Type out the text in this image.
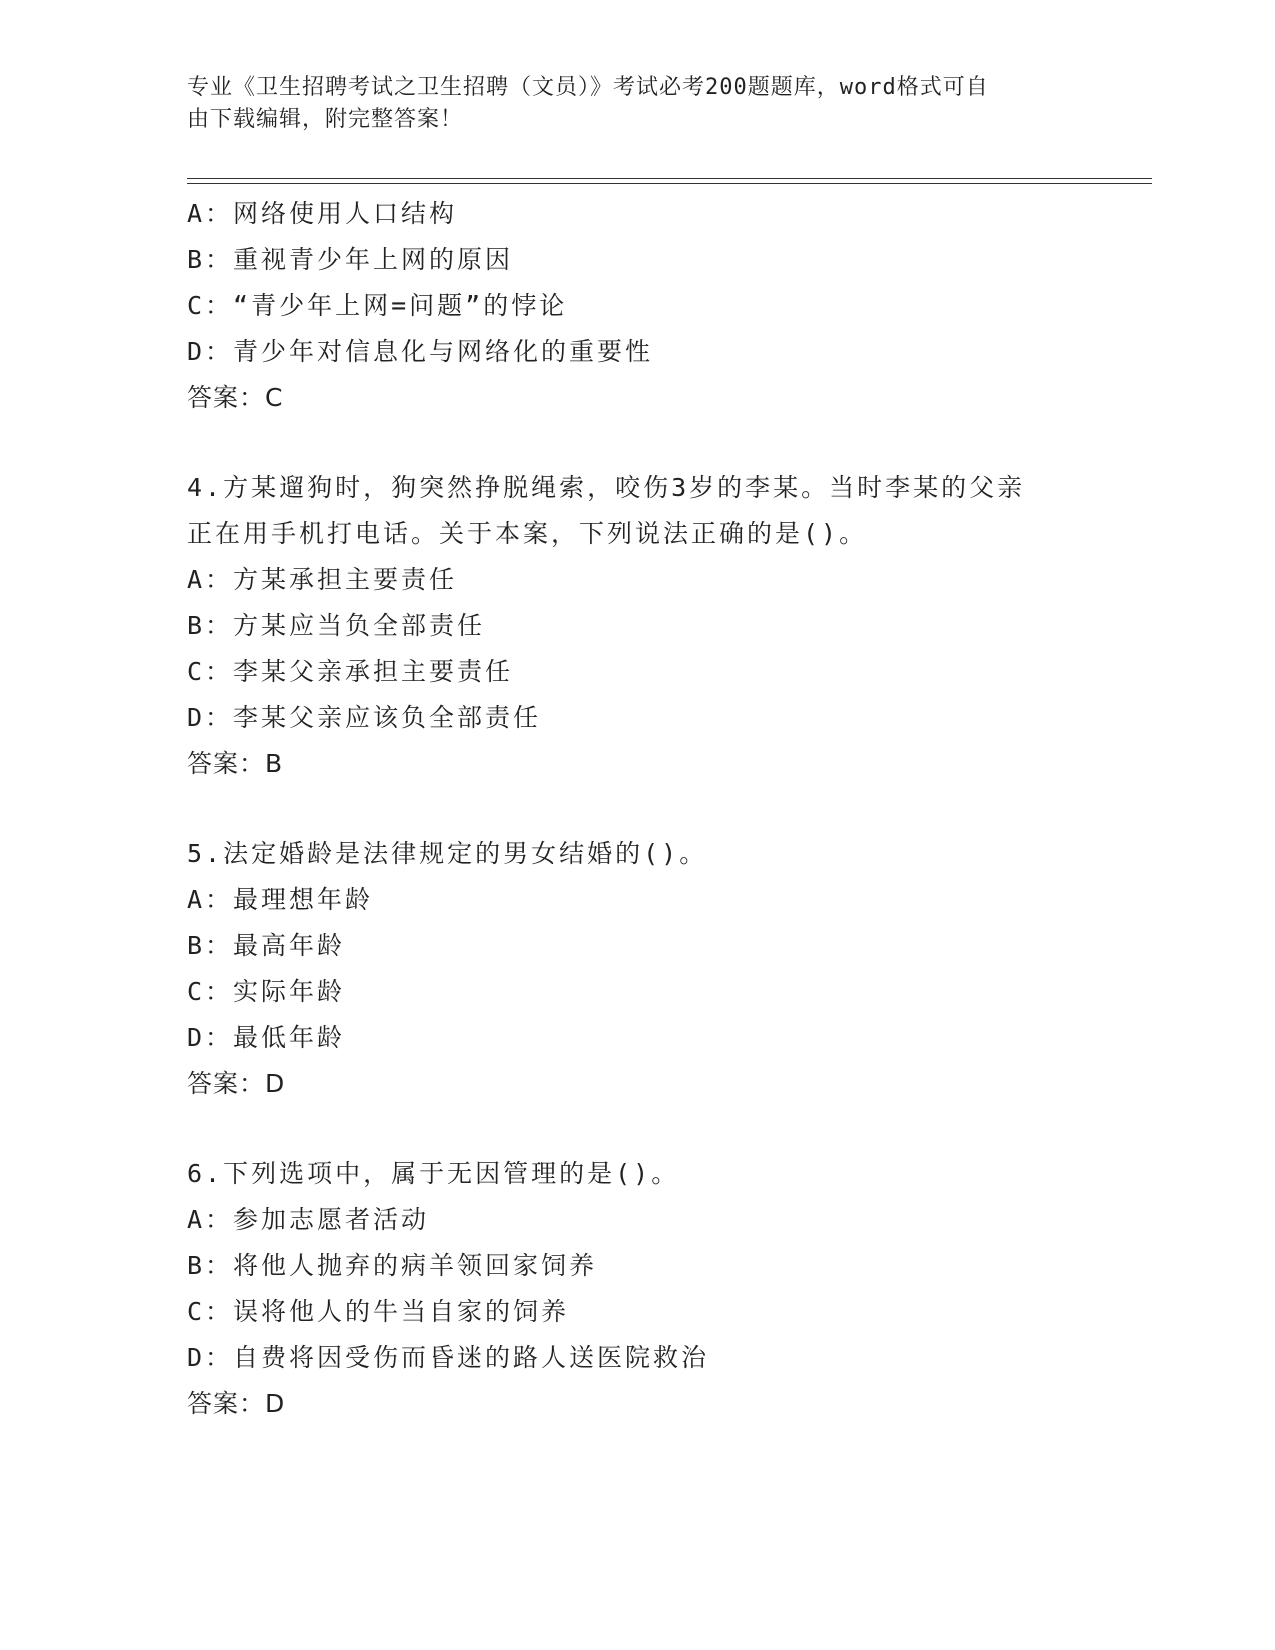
专业《卫生招聘考试之卫生招聘（文员）》考试必考200题题库，word格式可自
由下载编辑，附完整答案！
A：网络使用人口结构
B：重视青少年上网的原因
C：“青少年上网=问题”的悖论
D：青少年对信息化与网络化的重要性
答案：C
4.方某遛狗时，狗突然挣脱绳索，咬伤3岁的李某。当时李某的父亲
正在用手机打电话。关于本案，下列说法正确的是()。
A：方某承担主要责任
B：方某应当负全部责任
C：李某父亲承担主要责任
D：李某父亲应该负全部责任
答案：B
5.法定婚龄是法律规定的男女结婚的()。
A：最理想年龄
B：最高年龄
C：实际年龄
D：最低年龄
答案：D
6.下列选项中，属于无因管理的是()。
A：参加志愿者活动
B：将他人抛弃的病羊领回家饲养
C：误将他人的牛当自家的饲养
D：自费将因受伤而昏迷的路人送医院救治
答案：D
